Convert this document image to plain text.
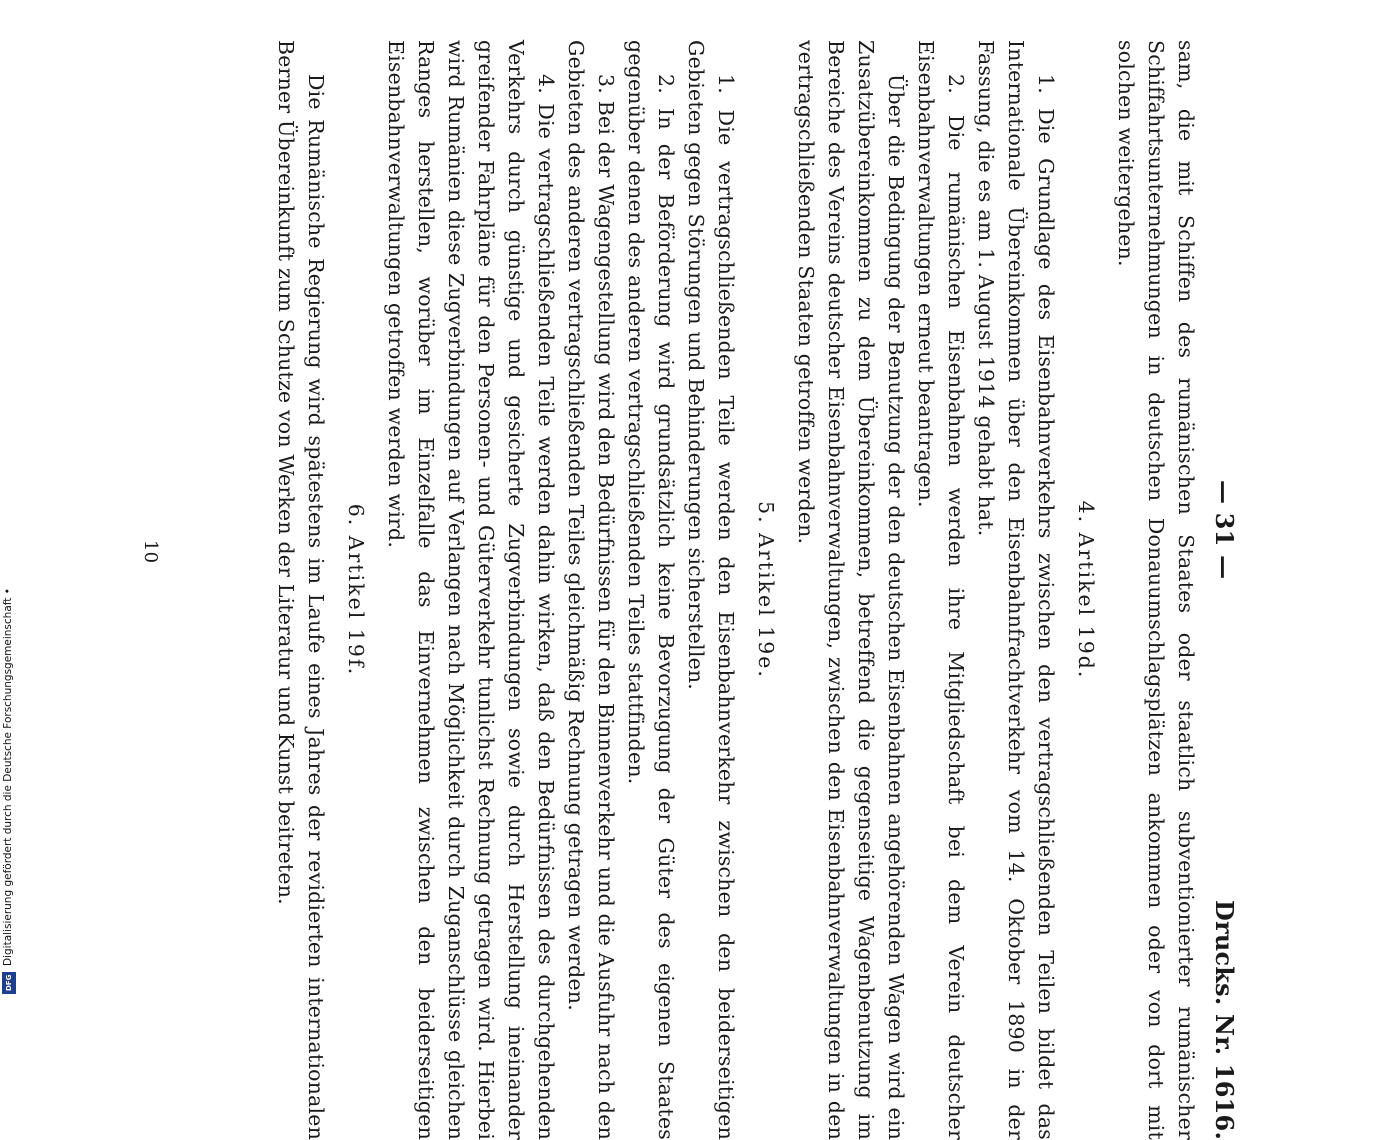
— 31 —
Drucks. Nr. 1616.

sam, die mit Schiffen des rumänischen Staates oder staatlich subventionierter rumänischer Schiffahrtsunternehmungen in deutschen Donauumschlagsplätzen ankommen oder von dort mit solchen weitergehen.

4. Artikel 19d.

1. Die Grundlage des Eisenbahnverkehrs zwischen den vertragschließenden Teilen bildet das Internationale Übereinkommen über den Eisenbahnfrachtverkehr vom 14. Oktober 1890 in der Fassung, die es am 1. August 1914 gehabt hat.

2. Die rumänischen Eisenbahnen werden ihre Mitgliedschaft bei dem Verein deutscher Eisenbahnverwaltungen erneut beantragen.

Über die Bedingung der Benutzung der den deutschen Eisenbahnen angehörenden Wagen wird ein Zusatzübereinkommen zu dem Übereinkommen, betreffend die gegenseitige Wagenbenutzung im Bereiche des Vereins deutscher Eisenbahnverwaltungen, zwischen den Eisenbahnverwaltungen in den vertragschließenden Staaten getroffen werden.

5. Artikel 19e.

1. Die vertragschließenden Teile werden den Eisenbahnverkehr zwischen den beiderseitigen Gebieten gegen Störungen und Behinderungen sicherstellen.

2. In der Beförderung wird grundsätzlich keine Bevorzugung der Güter des eigenen Staates gegenüber denen des anderen vertragschließenden Teiles stattfinden.

3. Bei der Wagengestellung wird den Bedürfnissen für den Binnenverkehr und die Ausfuhr nach den Gebieten des anderen vertragschließenden Teiles gleichmäßig Rechnung getragen werden.

4. Die vertragschließenden Teile werden dahin wirken, daß den Bedürfnissen des durchgehenden Verkehrs durch günstige und gesicherte Zugverbindungen sowie durch Herstellung ineinander greifender Fahrpläne für den Personen- und Güterverkehr tunlichst Rechnung getragen wird. Hierbei wird Rumänien diese Zugverbindungen auf Verlangen nach Möglichkeit durch Zuganschlüsse gleichen Ranges herstellen, worüber im Einzelfalle das Einvernehmen zwischen den beiderseitigen Eisenbahnverwaltungen getroffen werden wird.

6. Artikel 19f.

Die Rumänische Regierung wird spätestens im Laufe eines Jahres der revidierten internationalen Berner Übereinkunft zum Schutze von Werken der Literatur und Kunst beitreten.

10
Digitalisierung gefördert durch die Deutsche Forschungsgemeinschaft •
DFG
